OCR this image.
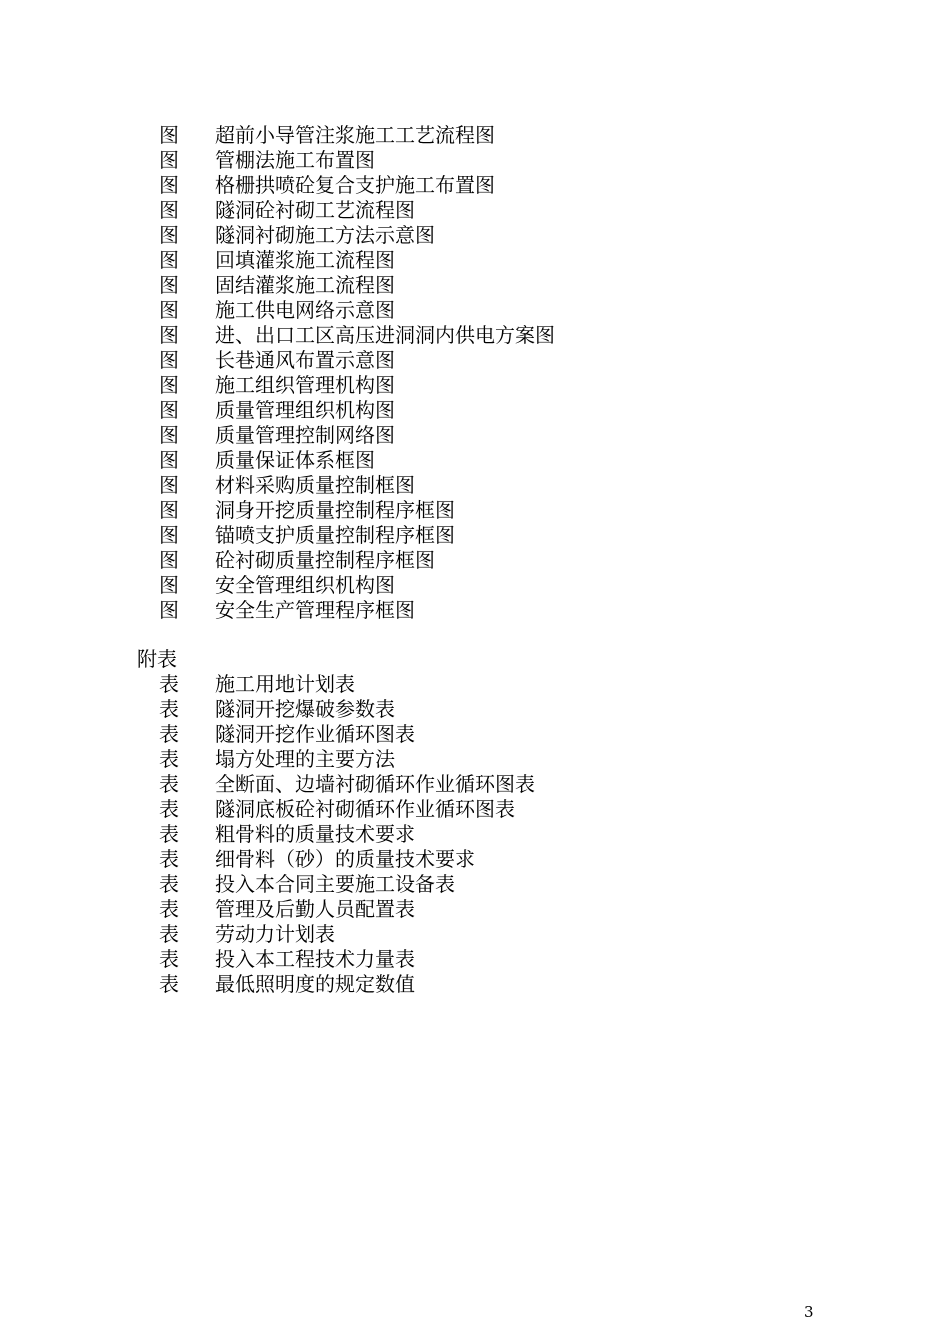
图 超前小导管注浆施工工艺流程图
图 管棚法施工布置图
图 格栅拱喷砼复合支护施工布置图
图 隧洞砼衬砌工艺流程图
图 隧洞衬砌施工方法示意图
图 回填灌浆施工流程图
图 固结灌浆施工流程图
图 施工供电网络示意图
图 进、出口工区高压进洞洞内供电方案图
图 长巷通风布置示意图
图 施工组织管理机构图
图 质量管理组织机构图
图 质量管理控制网络图
图 质量保证体系框图
图 材料采购质量控制框图
图 洞身开挖质量控制程序框图
图 锚喷支护质量控制程序框图
图 砼衬砌质量控制程序框图
图 安全管理组织机构图
图 安全生产管理程序框图
附表
表 施工用地计划表
表 隧洞开挖爆破参数表
表 隧洞开挖作业循环图表
表 塌方处理的主要方法
表 全断面、边墙衬砌循环作业循环图表
表 隧洞底板砼衬砌循环作业循环图表
表 粗骨料的质量技术要求
表 细骨料（砂）的质量技术要求
表 投入本合同主要施工设备表
表 管理及后勤人员配置表
表 劳动力计划表
表 投入本工程技术力量表
表 最低照明度的规定数值
3
